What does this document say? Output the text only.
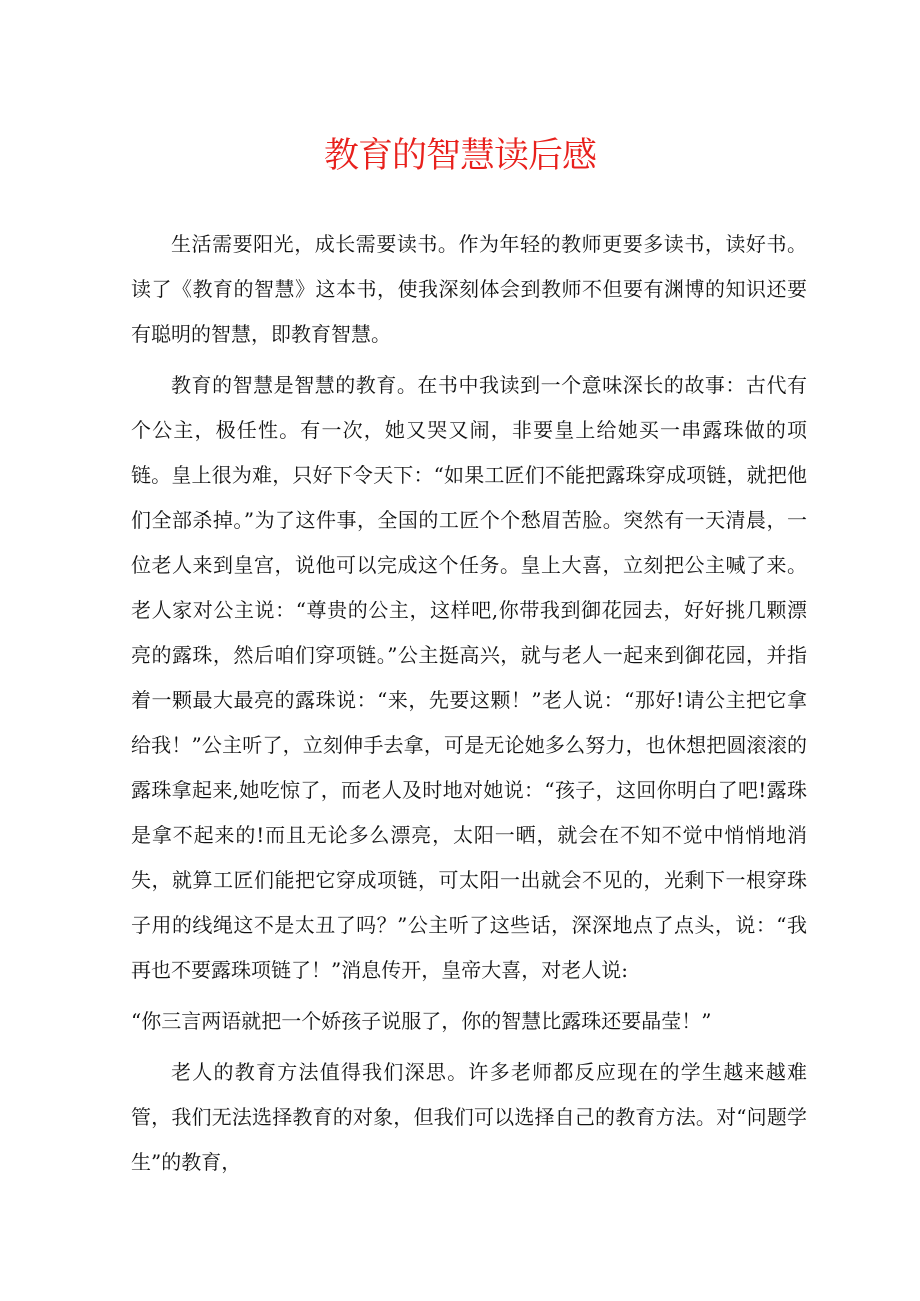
教育的智慧读后感

生活需要阳光，成长需要读书。作为年轻的教师更要多读书，读好书。读了《教育的智慧》这本书，使我深刻体会到教师不但要有渊博的知识还要有聪明的智慧，即教育智慧。

教育的智慧是智慧的教育。在书中我读到一个意味深长的故事：古代有个公主，极任性。有一次，她又哭又闹，非要皇上给她买一串露珠做的项链。皇上很为难，只好下令天下：“如果工匠们不能把露珠穿成项链，就把他们全部杀掉。”为了这件事，全国的工匠个个愁眉苦脸。突然有一天清晨，一位老人来到皇宫，说他可以完成这个任务。皇上大喜，立刻把公主喊了来。老人家对公主说：“尊贵的公主，这样吧,你带我到御花园去，好好挑几颗漂亮的露珠，然后咱们穿项链。”公主挺高兴，就与老人一起来到御花园，并指着一颗最大最亮的露珠说：“来，先要这颗！”老人说：“那好!请公主把它拿给我！”公主听了，立刻伸手去拿，可是无论她多么努力，也休想把圆滚滚的露珠拿起来,她吃惊了，而老人及时地对她说：“孩子，这回你明白了吧!露珠是拿不起来的!而且无论多么漂亮，太阳一晒，就会在不知不觉中悄悄地消失，就算工匠们能把它穿成项链，可太阳一出就会不见的，光剩下一根穿珠子用的线绳这不是太丑了吗？”公主听了这些话，深深地点了点头，说：“我再也不要露珠项链了！”消息传开，皇帝大喜，对老人说:

“你三言两语就把一个娇孩子说服了，你的智慧比露珠还要晶莹！”

老人的教育方法值得我们深思。许多老师都反应现在的学生越来越难管，我们无法选择教育的对象，但我们可以选择自己的教育方法。对“问题学生”的教育，
